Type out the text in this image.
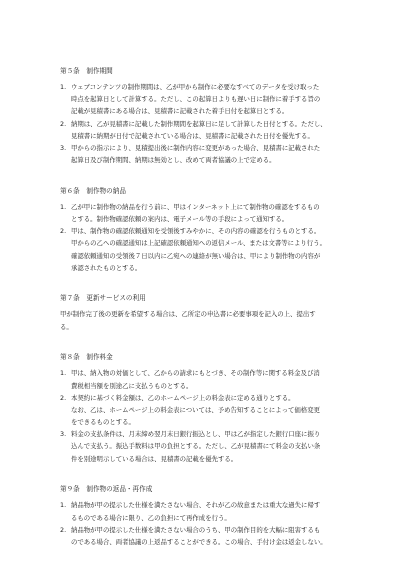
第５条　制作期間
1. ウェブコンテンツの制作期間は、乙が甲から制作に必要なすべてのデータを受け取った
時点を起算日として計算する。ただし、この起算日よりも遅い日に制作に着手する旨の
記載が見積書にある場合は、見積書に記載された着手日付を起算日とする。
2. 納期は、乙が見積書に記載した制作期間を起算日に足して計算した日付とする。ただし、
見積書に納期が日付で記載されている場合は、見積書に記載された日付を優先する。
3. 甲からの指示により、見積提出後に制作内容に変更があった場合、見積書に記載された
起算日及び制作期間、納期は無効とし、改めて両者協議の上で定める。
第６条　制作物の納品
1. 乙が甲に制作物の納品を行う前に、甲はインターネット上にて制作物の確認をするもの
とする。制作物確認依頼の案内は、電子メール等の手段によって通知する。
2. 甲は、制作物の確認依頼通知を受領後すみやかに、その内容の確認を行うものとする。
甲からの乙への確認通知は上記確認依頼通知への返信メール、または文書等により行う。
確認依頼通知の受領後７日以内に乙宛への連絡が無い場合は、甲により制作物の内容が
承認されたものとする。
第７条　更新サービスの利用
甲が制作完了後の更新を希望する場合は、乙所定の申込書に必要事項を記入の上、提出す
る。
第８条　制作料金
1. 甲は、納入物の対価として、乙からの請求にもとづき、その制作等に関する料金及び消
費税相当額を別途乙に支払うものとする。
2. 本契約に基づく料金額は、乙のホームページ上の料金表に定める通りとする。
なお、乙は、ホームページ上の料金表については、予め告知することによって価格変更
をできるものとする。
3. 料金の支払条件は、月末締め翌月末日銀行振込とし、甲は乙が指定した銀行口座に振り
込んで支払う。振込手数料は甲の負担とする。ただし、乙が見積書にて料金の支払い条
件を別途明示している場合は、見積書の記載を優先する。
第９条　制作物の返品・再作成
1. 納品物が甲の提示した仕様を満たさない場合、それが乙の故意または重大な過失に帰す
るものである場合に限り、乙の負担にて再作成を行う。
2. 納品物が甲の提示した仕様を満たさない場合のうち、甲の制作目的を大幅に阻害するも
のである場合、両者協議の上返品することができる。この場合、手付け金は返金しない。
